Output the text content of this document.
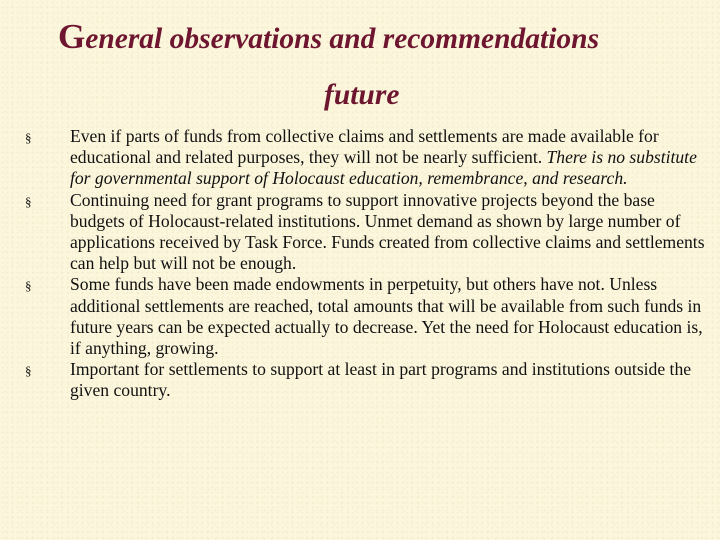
General observations and recommendations
future
§ Even if parts of funds from collective claims and settlements are made available for educational and related purposes, they will not be nearly sufficient. There is no substitute for governmental support of Holocaust education, remembrance, and research.
§ Continuing need for grant programs to support innovative projects beyond the base budgets of Holocaust-related institutions. Unmet demand as shown by large number of applications received by Task Force. Funds created from collective claims and settlements can help but will not be enough.
§ Some funds have been made endowments in perpetuity, but others have not. Unless additional settlements are reached, total amounts that will be available from such funds in future years can be expected actually to decrease. Yet the need for Holocaust education is, if anything, growing.
§ Important for settlements to support at least in part programs and institutions outside the given country.
